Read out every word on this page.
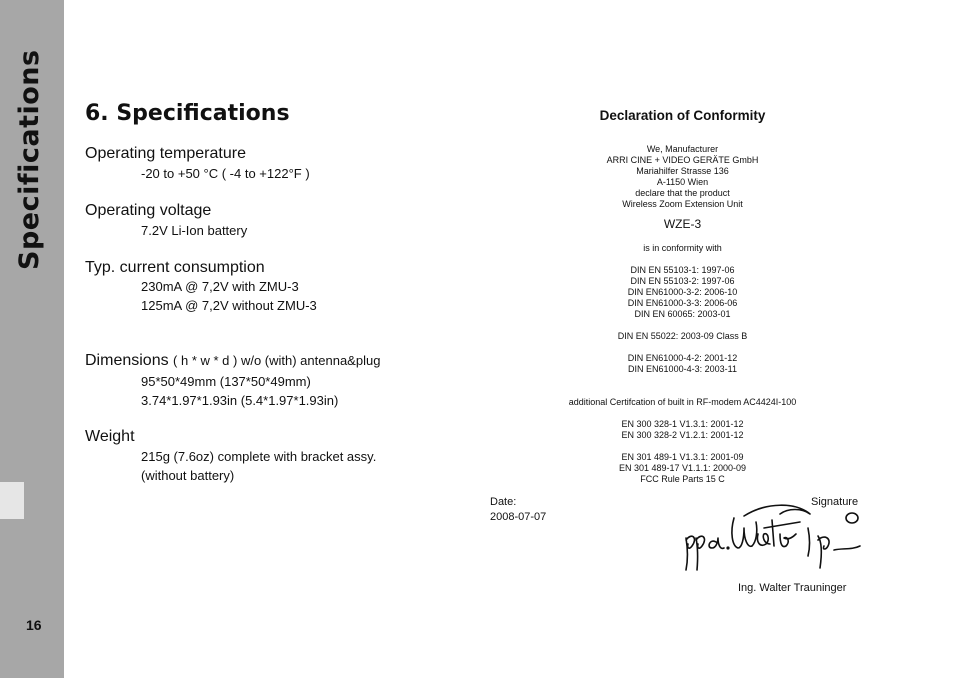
Specifications
16
6. Specifications
Operating temperature
-20 to +50 °C ( -4 to +122°F )
Operating voltage
7.2V Li-Ion battery
Typ. current consumption
230mA @ 7,2V with ZMU-3
125mA @ 7,2V without ZMU-3
Dimensions ( h * w * d ) w/o (with) antenna&plug
95*50*49mm (137*50*49mm)
3.74*1.97*1.93in (5.4*1.97*1.93in)
Weight
215g (7.6oz) complete with bracket assy.
(without battery)
Declaration of Conformity
We, Manufacturer
ARRI CINE + VIDEO GERÄTE GmbH
Mariahilfer Strasse 136
A-1150 Wien
declare that the product
Wireless Zoom Extension Unit
WZE-3
is in conformity with
DIN EN 55103-1: 1997-06
DIN EN 55103-2: 1997-06
DIN EN61000-3-2: 2006-10
DIN EN61000-3-3: 2006-06
DIN EN 60065: 2003-01
DIN EN 55022: 2003-09 Class B
DIN EN61000-4-2: 2001-12
DIN EN61000-4-3: 2003-11
additional Certifcation of built in RF-modem AC4424I-100
EN 300 328-1 V1.3.1: 2001-12
EN 300 328-2 V1.2.1: 2001-12
EN 301 489-1 V1.3.1: 2001-09
EN 301 489-17 V1.1.1: 2000-09
FCC Rule Parts 15 C
Date:
2008-07-07
Signature
Ing. Walter Trauninger
